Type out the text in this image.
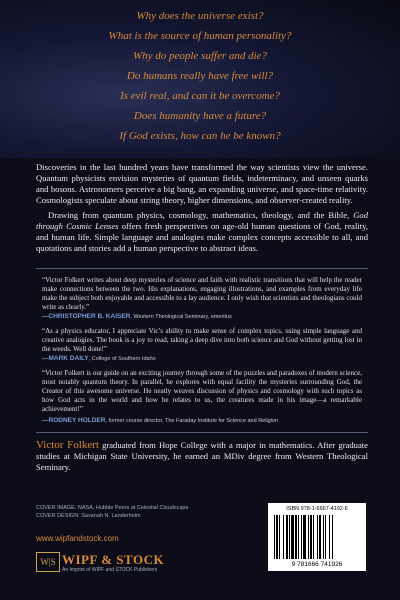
Why does the universe exist?
What is the source of human personality?
Why do people suffer and die?
Do humans really have free will?
Is evil real, and can it be overcome?
Does humanity have a future?
If God exists, how can he be known?

Discoveries in the last hundred years have transformed the way scientists view the universe. Quantum physicists envision mysteries of quantum fields, indeterminacy, and unseen quarks and bosons. Astronomers perceive a big bang, an expanding universe, and space-time relativity. Cosmologists speculate about string theory, higher dimensions, and observer-created reality.

Drawing from quantum physics, cosmology, mathematics, theology, and the Bible, God through Cosmic Lenses offers fresh perspectives on age-old human questions of God, reality, and human life. Simple language and analogies make complex concepts accessible to all, and quotations and stories add a human perspective to abstract ideas.

“Victor Folkert writes about deep mysteries of science and faith with realistic transitions that will help the reader make connections between the two. His explanations, engaging illustrations, and examples from everyday life make the subject both enjoyable and accessible to a lay audience. I only wish that scientists and theologians could write as clearly.”

—CHRISTOPHER B. KAISER, Western Theological Seminary, emeritus

“As a physics educator, I appreciate Vic’s ability to make sense of complex topics, using simple language and creative analogies. The book is a joy to read, taking a deep dive into both science and God without getting lost in the weeds. Well done!”

—MARK DAILY, College of Southern Idaho

“Victor Folkert is our guide on an exciting journey through some of the puzzles and paradoxes of modern science, most notably quantum theory. In parallel, he explores with equal facility the mysteries surrounding God, the Creator of this awesome universe. He neatly weaves discussion of physics and cosmology with such topics as how God acts in the world and how he relates to us, the creatures made in his image—a remarkable achievement!”

—RODNEY HOLDER, former course director, The Faraday Institute for Science and Religion

Victor Folkert graduated from Hope College with a major in mathematics. After graduate studies at Michigan State University, he earned an MDiv degree from Western Theological Seminary.

COVER IMAGE: NASA, Hubble Peers at Celestial Cloudscape
COVER DESIGN: Savanah N. Landerholm
www.wipfandstock.com
W|S WIPF & STOCK
An Imprint of WIPF and STOCK Publishers
ISBN 978-1-6667-4192-6
9 781666 741926
